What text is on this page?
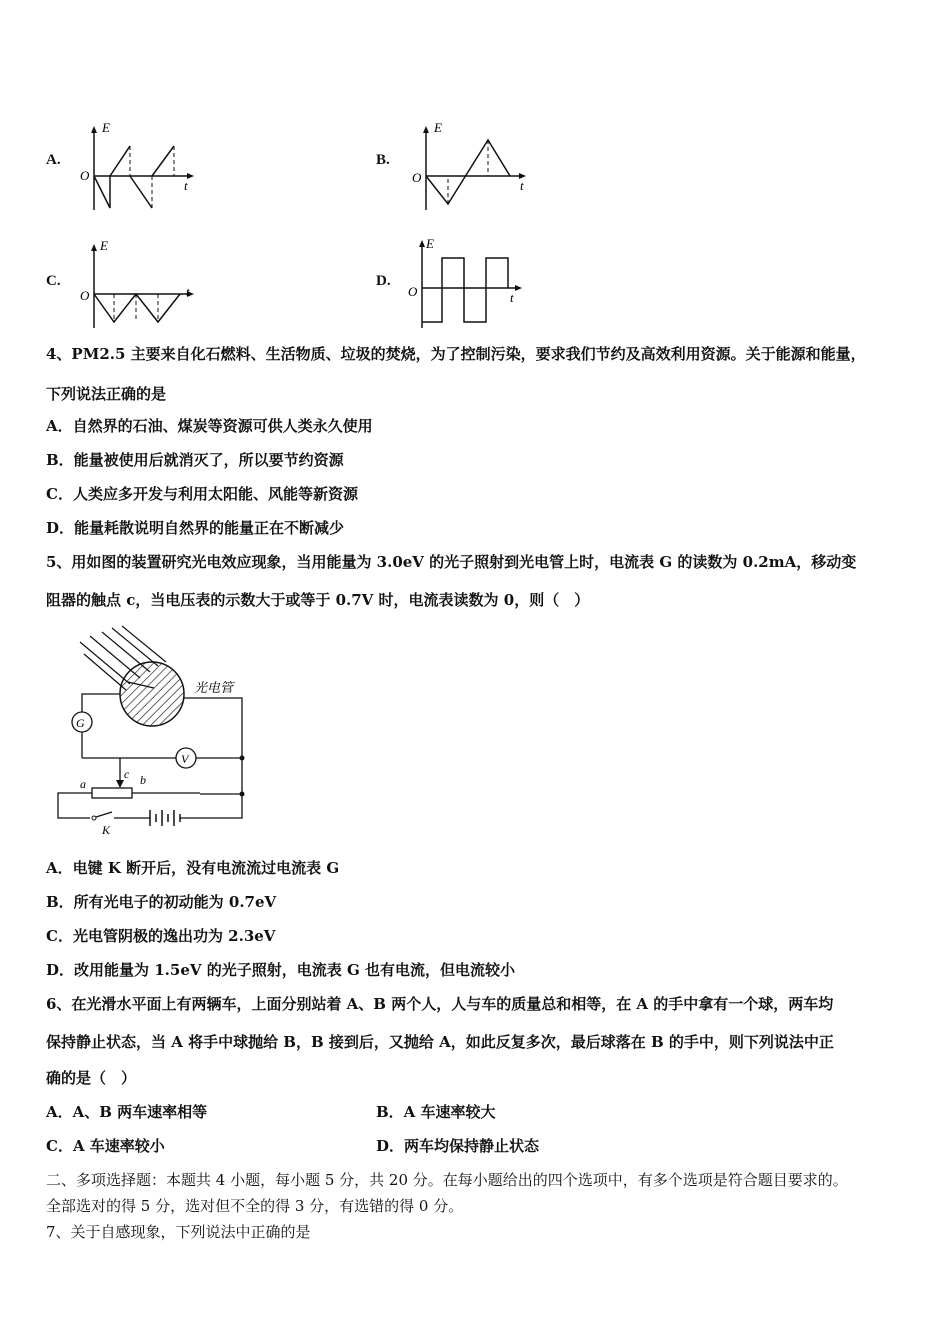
A.
E
O
t
B.
E
O
t
C.
E
O	t
D.
E
O	t
4、PM2.5 主要来自化石燃料、生活物质、垃圾的焚烧，为了控制污染，要求我们节约及高效利用资源。关于能源和能量，
下列说法正确的是
A．自然界的石油、煤炭等资源可供人类永久使用
B．能量被使用后就消灭了，所以要节约资源
C．人类应多开发与利用太阳能、风能等新资源
D．能量耗散说明自然界的能量正在不断减少
5、用如图的装置研究光电效应现象，当用能量为 3.0eV 的光子照射到光电管上时，电流表 G 的读数为 0.2mA，移动变
阻器的触点 c，当电压表的示数大于或等于 0.7V 时，电流表读数为 0，则（　）
光电管
G
V
a
c b
K
A．电键 K 断开后，没有电流流过电流表 G
B．所有光电子的初动能为 0.7eV
C．光电管阴极的逸出功为 2.3eV
D．改用能量为 1.5eV 的光子照射，电流表 G 也有电流，但电流较小
6、在光滑水平面上有两辆车，上面分别站着 A、B 两个人，人与车的质量总和相等，在 A 的手中拿有一个球，两车均
保持静止状态，当 A 将手中球抛给 B，B 接到后，又抛给 A，如此反复多次，最后球落在 B 的手中，则下列说法中正
确的是（　）
A．A、B 两车速率相等	B．A 车速率较大
C．A 车速率较小	D．两车均保持静止状态
二、多项选择题：本题共 4 小题，每小题 5 分，共 20 分。在每小题给出的四个选项中，有多个选项是符合题目要求的。
全部选对的得 5 分，选对但不全的得 3 分，有选错的得 0 分。
7、关于自感现象，下列说法中正确的是
